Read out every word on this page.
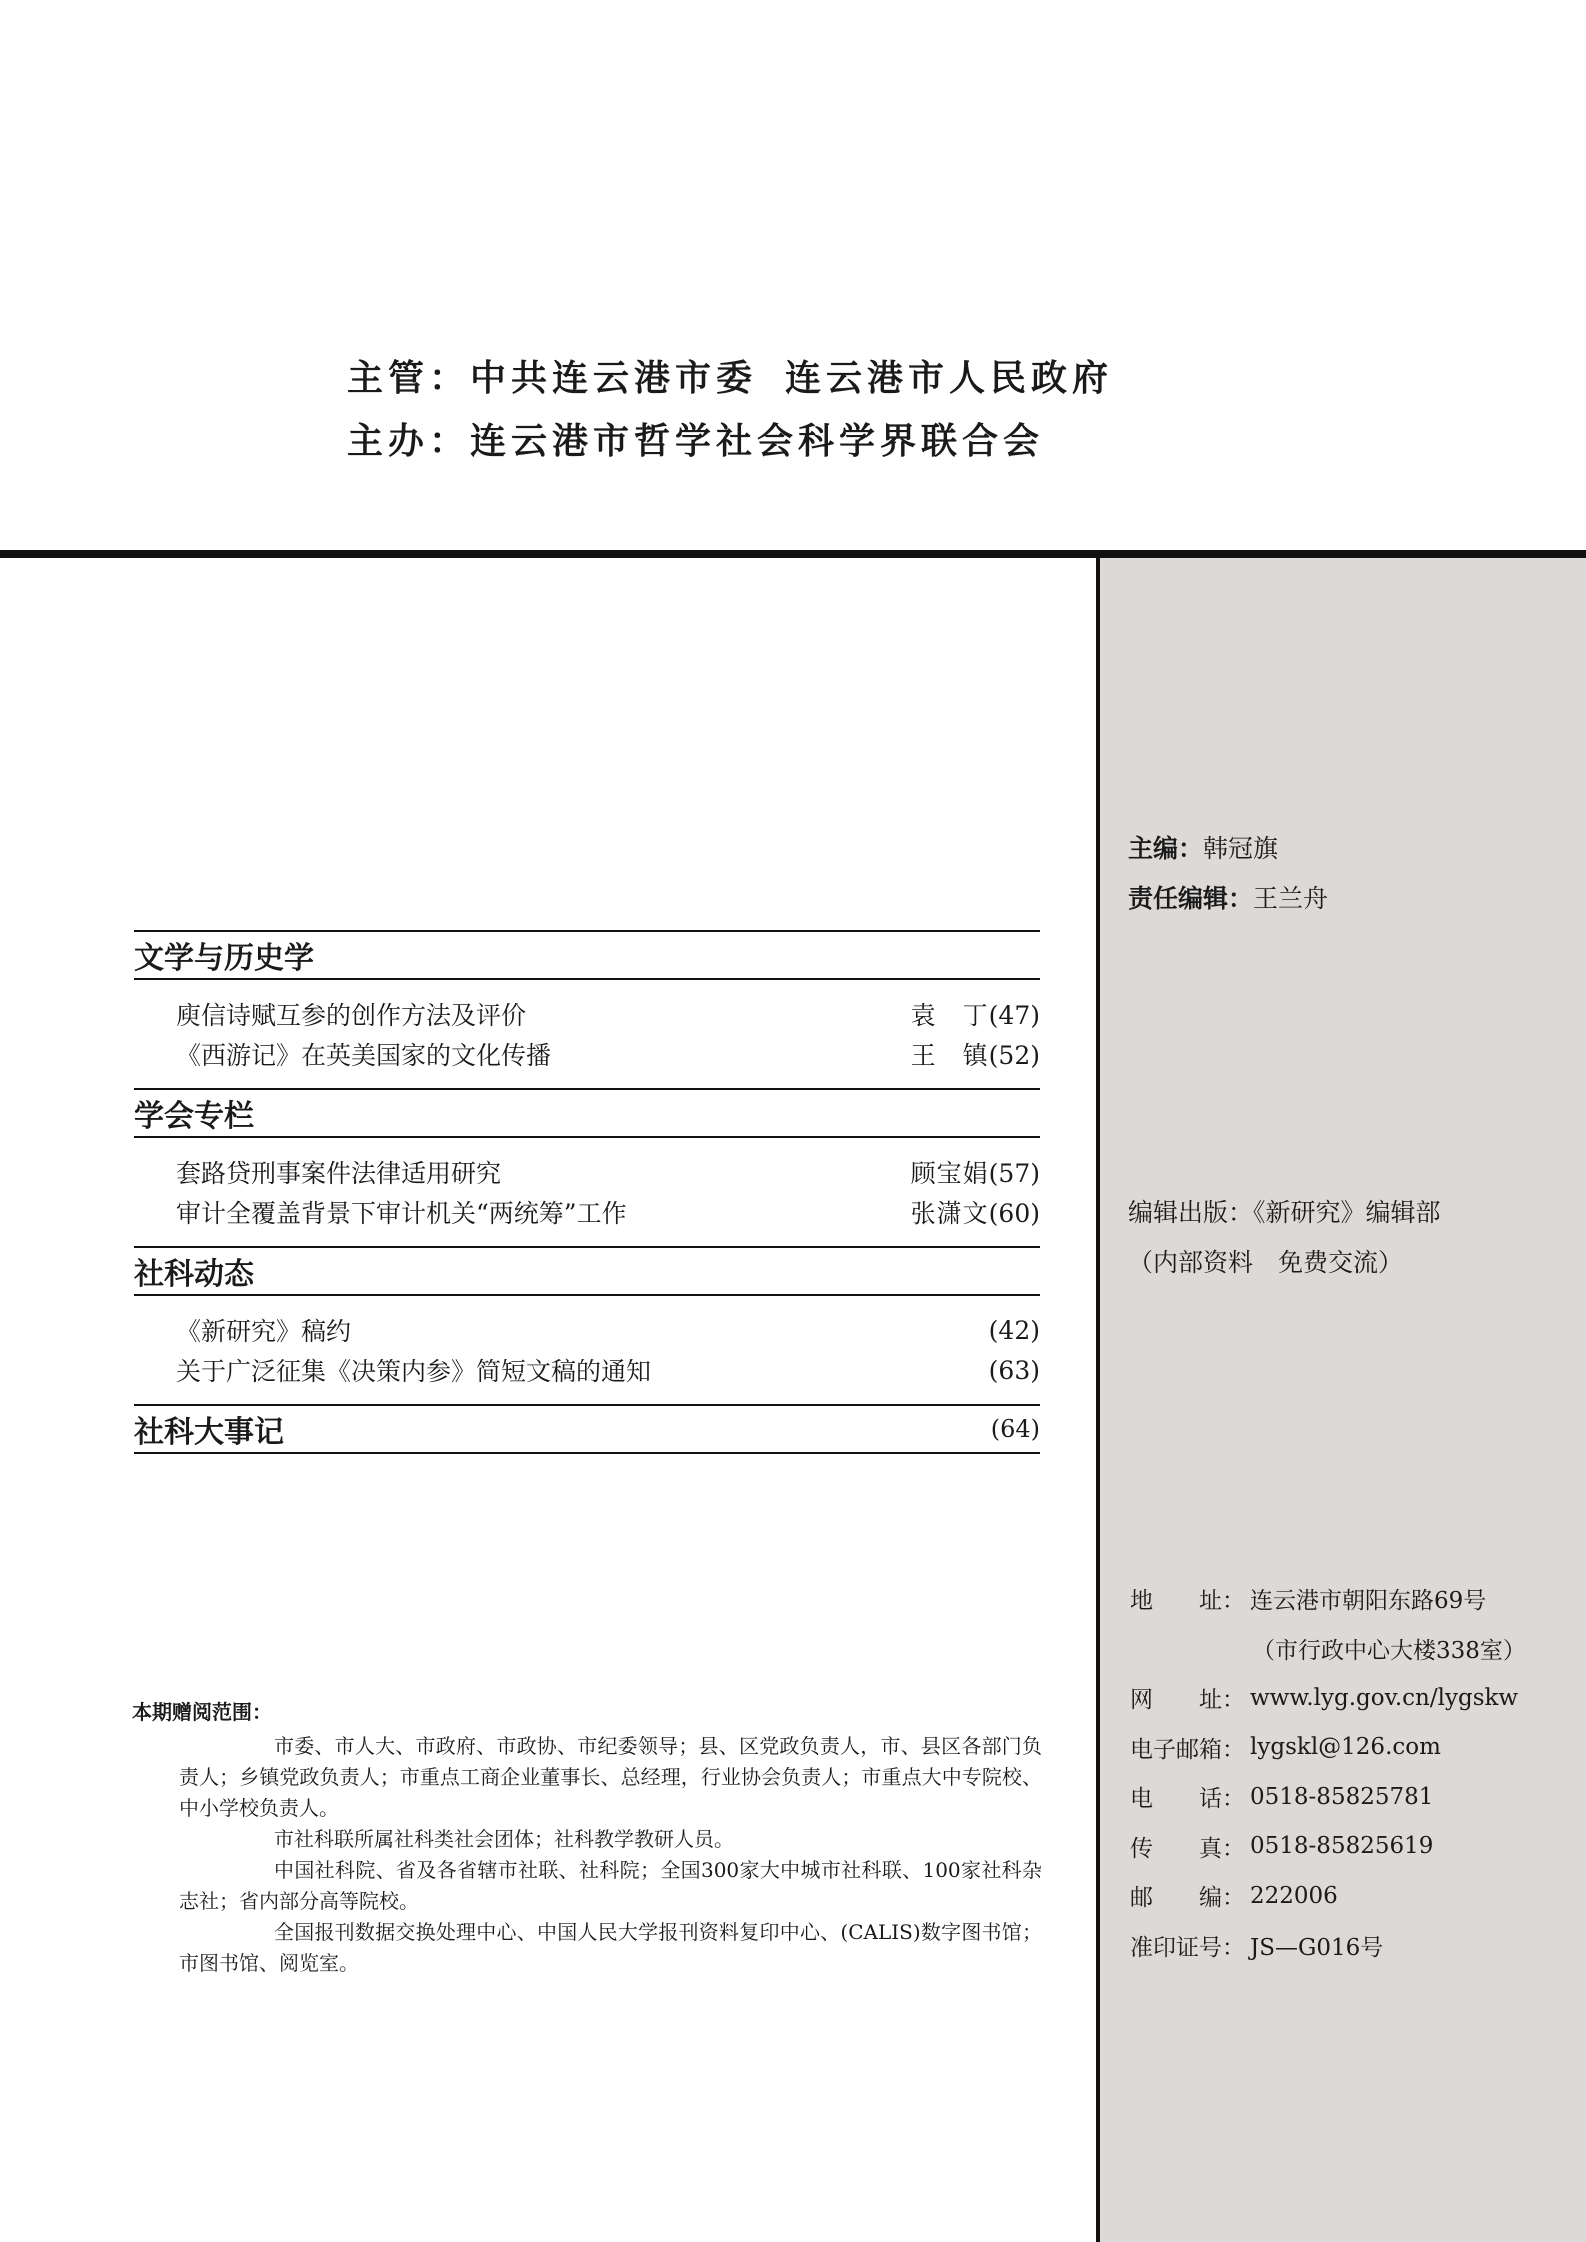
主管：中共连云港市委 连云港市人民政府
主办：连云港市哲学社会科学界联合会
文学与历史学
庾信诗赋互参的创作方法及评价	袁　丁(47)
《西游记》在英美国家的文化传播	王　镇(52)
学会专栏
套路贷刑事案件法律适用研究	顾宝娟(57)
审计全覆盖背景下审计机关“两统筹”工作	张潇文(60)
社科动态
《新研究》稿约	(42)
关于广泛征集《决策内参》简短文稿的通知	(63)
社科大事记	(64)
本期赠阅范围：

市委、市人大、市政府、市政协、市纪委领导；县、区党政负责人，市、县区各部门负责人；乡镇党政负责人；市重点工商企业董事长、总经理，行业协会负责人；市重点大中专院校、中小学校负责人。

市社科联所属社科类社会团体；社科教学教研人员。

中国社科院、省及各省辖市社联、社科院；全国300家大中城市社科联、100家社科杂志社；省内部分高等院校。

全国报刊数据交换处理中心、中国人民大学报刊资料复印中心、(CALIS)数字图书馆；市图书馆、阅览室。

主编： 韩冠旗
责任编辑： 王兰舟
编辑出版：《新研究》编辑部
（内部资料　免费交流）
地　　址： 连云港市朝阳东路69号
（市行政中心大楼338室）
网　　址： www.lyg.gov.cn/lygskw
电子邮箱： lygskl@126.com
电　　话： 0518-85825781
传　　真： 0518-85825619
邮　　编： 222006
准印证号： JS—G016号
